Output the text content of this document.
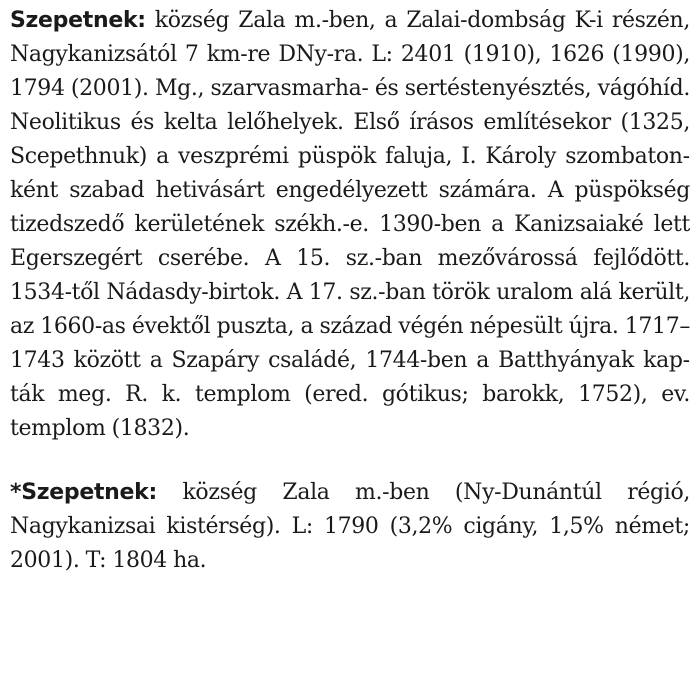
Szepetnek: község Zala m.-ben, a Zalai-dombság K-i részén, Nagykanizsától 7 km-re DNy-ra. L: 2401 (1910), 1626 (1990), 1794 (2001). Mg., szarvasmarha- és sertéstenyésztés, vágóhíd. Neolitikus és kelta lelőhelyek. Első írásos említésekor (1325, Scepethnuk) a veszprémi püspök faluja, I. Károly szombatonként szabad hetivásárt engedélyezett számára. A püspökség tizedszedő kerületének székh.-e. 1390-ben a Kanizsaiaké lett Egerszegért cserébe. A 15. sz.-ban mezővárossá fejlődött. 1534-től Nádasdy-birtok. A 17. sz.-ban török uralom alá került, az 1660-as évektől puszta, a század végén népesült újra. 1717–1743 között a Szapáry családé, 1744-ben a Batthyányak kapták meg. R. k. templom (ered. gótikus; barokk, 1752), ev. templom (1832).

*Szepetnek: község Zala m.-ben (Ny-Dunántúl régió, Nagykanizsai kistérség). L: 1790 (3,2% cigány, 1,5% német; 2001). T: 1804 ha.
